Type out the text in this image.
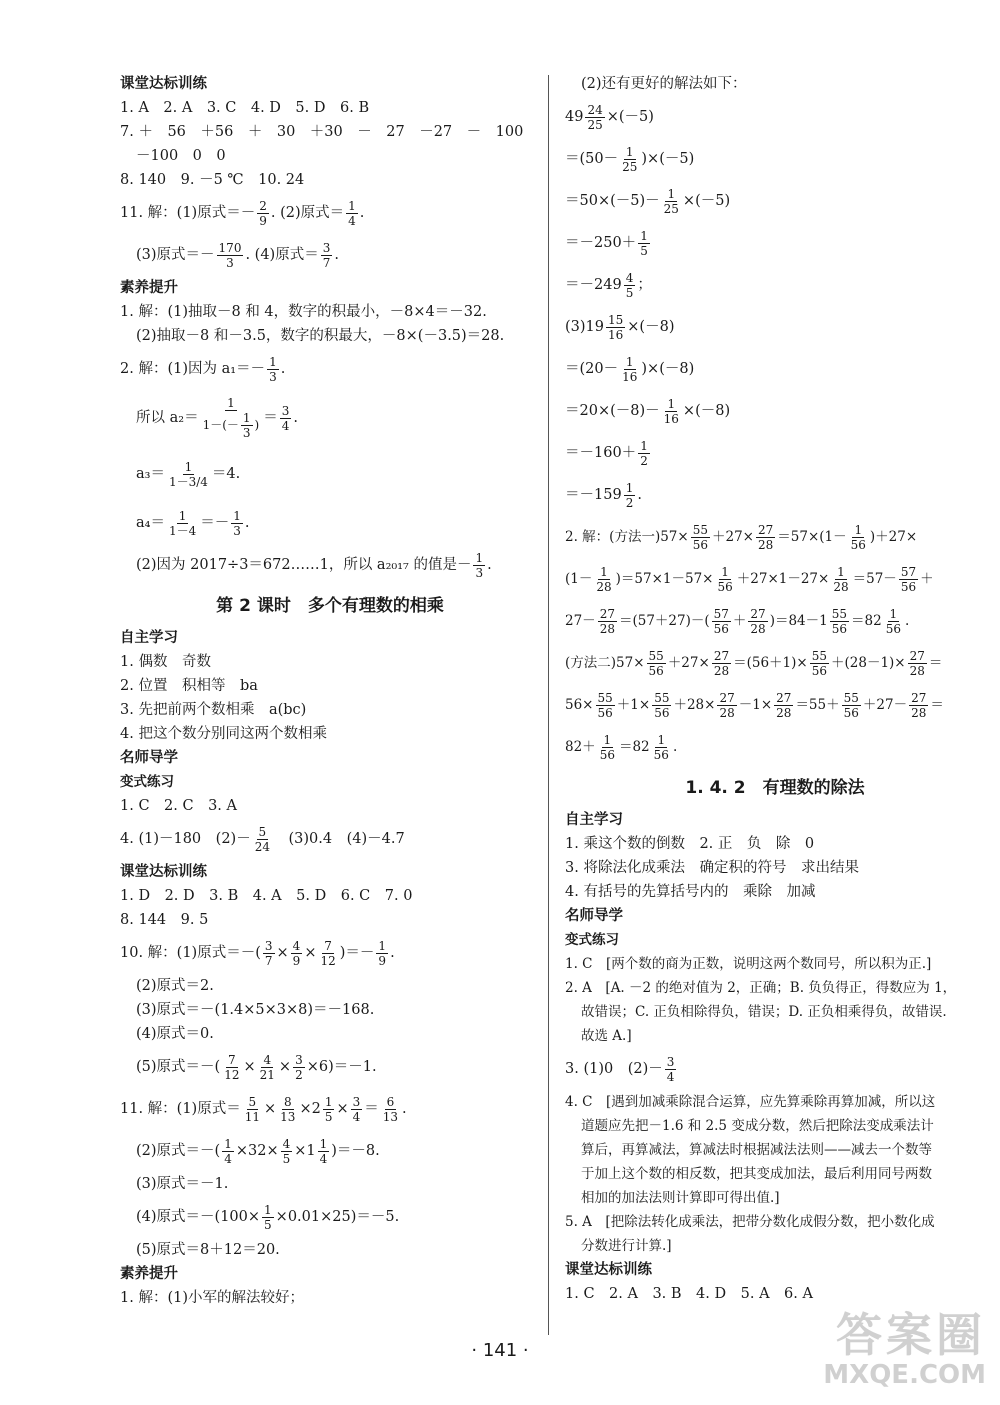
课堂达标训练
1. A　2. A　3. C　4. D　5. D　6. B
7. ＋　56　＋56　＋　30　＋30　－　27　－27　－　100
－100　0　0
8. 140　9. －5 ℃　10. 24
11. 解：(1)原式＝－ $\frac{2}{9}$ . (2)原式＝ $\frac{1}{4}$ .
(3)原式＝－ $\frac{170}{3}$ . (4)原式＝ $\frac{3}{7}$ .
素养提升
1. 解：(1)抽取－8 和 4，数字的积最小，－8×4＝－32.
(2)抽取－8 和－3.5，数字的积最大，－8×(－3.5)＝28.
2. 解：(1)因为 $a_1=- \frac{1}{3}$ .
所以 $a_2= \frac{1}{1-(- \frac{1}{3} )} = \frac{3}{4}$ .
$a_3= \frac{1}{1-3/4} =4$.
$a_4= \frac{1}{1-4} =- \frac{1}{3}$ .
(2)因为 2017÷3＝672……1，所以 a₂₀₁₇ 的值是－ $\frac{1}{3}$ .
第 2 课时　多个有理数的相乘
自主学习
1. 偶数　奇数
2. 位置　积相等　ba
3. 先把前两个数相乘　a(bc)
4. 把这个数分别同这两个数相乘
名师导学
变式练习
1. C　2. C　3. A
4. (1)－180　$(2)- \frac{5}{24}$ 　(3)0.4　(4)－4.7
课堂达标训练
1. D　2. D　3. B　4. A　5. D　6. C　7. 0
8. 144　9. 5
10. 解：(1)原式＝－( $\frac{3}{7} \times \frac{4}{9} \times \frac{7}{12}$ )＝－ $\frac{1}{9}$ .
(2)原式＝2.
(3)原式＝－(1.4×5×3×8)＝－168.
(4)原式＝0.
(5)原式＝－( $\frac{7}{12} \times \frac{4}{21} \times \frac{3}{2} \times 6)=-1$.
11. 解：(1)原式＝ $\frac{5}{11} \times \frac{8}{13} \times 2 \frac{1}{5} \times \frac{3}{4} = \frac{6}{13}$ .
(2)原式＝－( $\frac{1}{4} \times 32\times \frac{4}{5} \times 1 \frac{1}{4} )=-8$.
(3)原式＝－1.
(4)原式$=-(100\times \frac{1}{5} \times 0.01\times 25)=-5$.
(5)原式＝8＋12＝20.
素养提升
1. 解：(1)小军的解法较好；
(2)还有更好的解法如下：
$49 \frac{24}{25} \times(-5)$
$=(50- \frac{1}{25} )\times(-5)$
$=50\times(-5)- \frac{1}{25} \times(-5)$
$=-250+ \frac{1}{5}$
$=-249 \frac{4}{5}$ ；
$(3)19 \frac{15}{16} \times(-8)$
$=(20- \frac{1}{16} )\times(-8)$
$=20\times(-8)- \frac{1}{16} \times(-8)$
$=-160+ \frac{1}{2}$
$=-159 \frac{1}{2}$ .
2. 解：(方法一)$57\times \frac{55}{56} +27\times \frac{27}{28} =57\times(1- \frac{1}{56} )+27\times$
$(1- \frac{1}{28} )=57\times 1-57\times \frac{1}{56} +27\times 1-27\times \frac{1}{28} =57- \frac{57}{56}$ ＋
$27- \frac{27}{28} =(57+27)-( \frac{57}{56} + \frac{27}{28} )=84-1 \frac{55}{56} =82 \frac{1}{56}$ .
(方法二)$57\times \frac{55}{56} +27\times \frac{27}{28} =(56+1)\times \frac{55}{56} +(28-1)\times \frac{27}{28}$ ＝
$56\times \frac{55}{56} +1\times \frac{55}{56} +28\times \frac{27}{28} -1\times \frac{27}{28} =55+ \frac{55}{56} +27- \frac{27}{28}$ ＝
$82+ \frac{1}{56} =82 \frac{1}{56}$ .
1. 4. 2　有理数的除法
自主学习
1. 乘这个数的倒数　2. 正　负　除　0
3. 将除法化成乘法　确定积的符号　求出结果
4. 有括号的先算括号内的　乘除　加减
名师导学
变式练习
1. C　[两个数的商为正数，说明这两个数同号，所以积为正.]
2. A　[A. －2 的绝对值为 2，正确；B. 负负得正，得数应为 1，
故错误；C. 正负相除得负，错误；D. 正负相乘得负，故错误.
故选 A.]
3. (1)0　$(2)- \frac{3}{4}$
4. C　[遇到加减乘除混合运算，应先算乘除再算加减，所以这
道题应先把－1.6 和 2.5 变成分数，然后把除法变成乘法计
算后，再算减法，算减法时根据减法法则——减去一个数等
于加上这个数的相反数，把其变成加法，最后利用同号两数
相加的加法法则计算即可得出值.]
5. A　[把除法转化成乘法，把带分数化成假分数，把小数化成
分数进行计算.]
课堂达标训练
1. C　2. A　3. B　4. D　5. A　6. A
· 141 ·	答案圈
MXQE.COM
